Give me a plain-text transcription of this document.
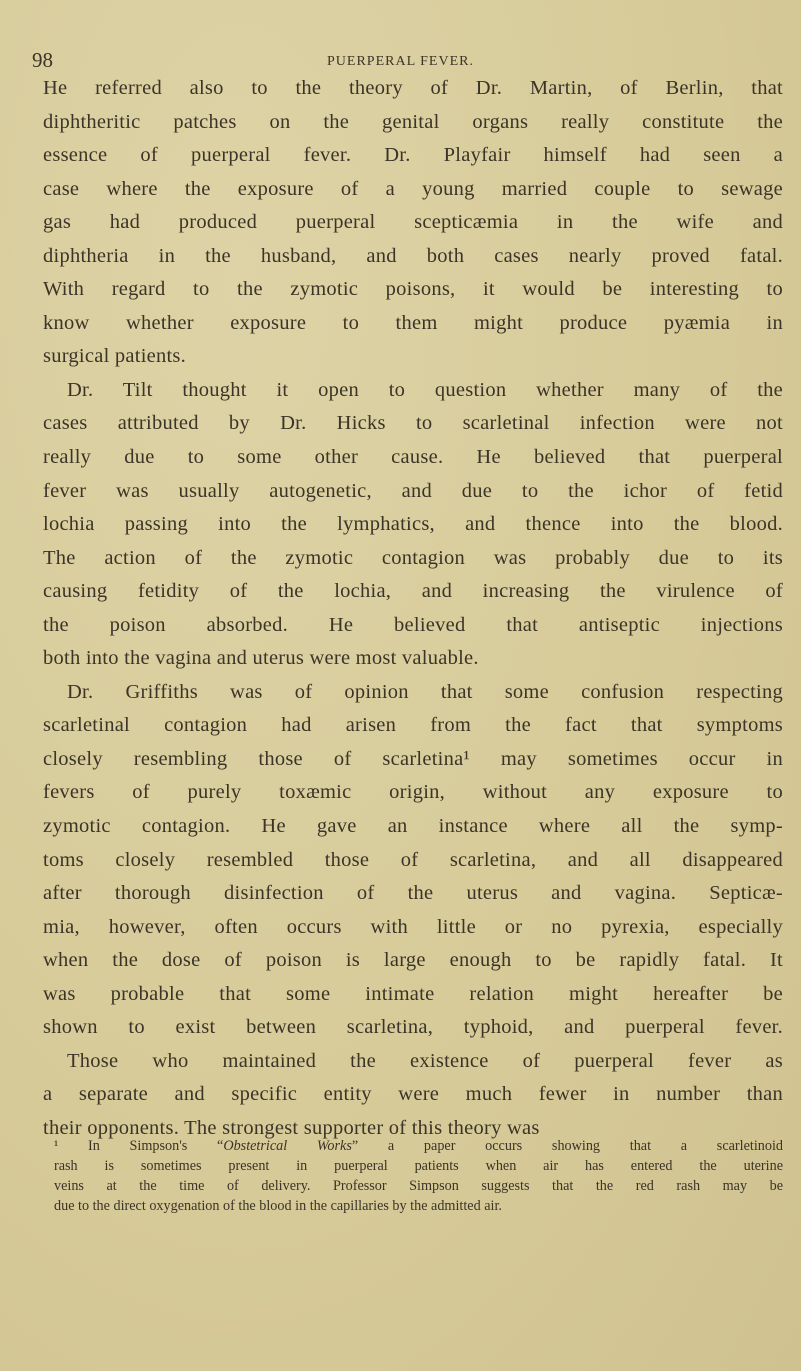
98	PUERPERAL FEVER.
He referred also to the theory of Dr. Martin, of Berlin, that
diphtheritic patches on the genital organs really constitute the
essence of puerperal fever. Dr. Playfair himself had seen a
case where the exposure of a young married couple to sewage
gas had produced puerperal scepticæmia in the wife and
diphtheria in the husband, and both cases nearly proved fatal.
With regard to the zymotic poisons, it would be interesting to
know whether exposure to them might produce pyæmia in
surgical patients.
Dr. Tilt thought it open to question whether many of the
cases attributed by Dr. Hicks to scarletinal infection were not
really due to some other cause. He believed that puerperal
fever was usually autogenetic, and due to the ichor of fetid
lochia passing into the lymphatics, and thence into the blood.
The action of the zymotic contagion was probably due to its
causing fetidity of the lochia, and increasing the virulence of
the poison absorbed. He believed that antiseptic injections
both into the vagina and uterus were most valuable.
Dr. Griffiths was of opinion that some confusion respecting
scarletinal contagion had arisen from the fact that symptoms
closely resembling those of scarletina¹ may sometimes occur in
fevers of purely toxæmic origin, without any exposure to
zymotic contagion. He gave an instance where all the symp-
toms closely resembled those of scarletina, and all disappeared
after thorough disinfection of the uterus and vagina. Septicæ-
mia, however, often occurs with little or no pyrexia, especially
when the dose of poison is large enough to be rapidly fatal. It
was probable that some intimate relation might hereafter be
shown to exist between scarletina, typhoid, and puerperal fever.
Those who maintained the existence of puerperal fever as
a separate and specific entity were much fewer in number than
their opponents. The strongest supporter of this theory was
¹ In Simpson's “Obstetrical Works” a paper occurs showing that a scarletinoid
rash is sometimes present in puerperal patients when air has entered the uterine
veins at the time of delivery. Professor Simpson suggests that the red rash may be
due to the direct oxygenation of the blood in the capillaries by the admitted air.
